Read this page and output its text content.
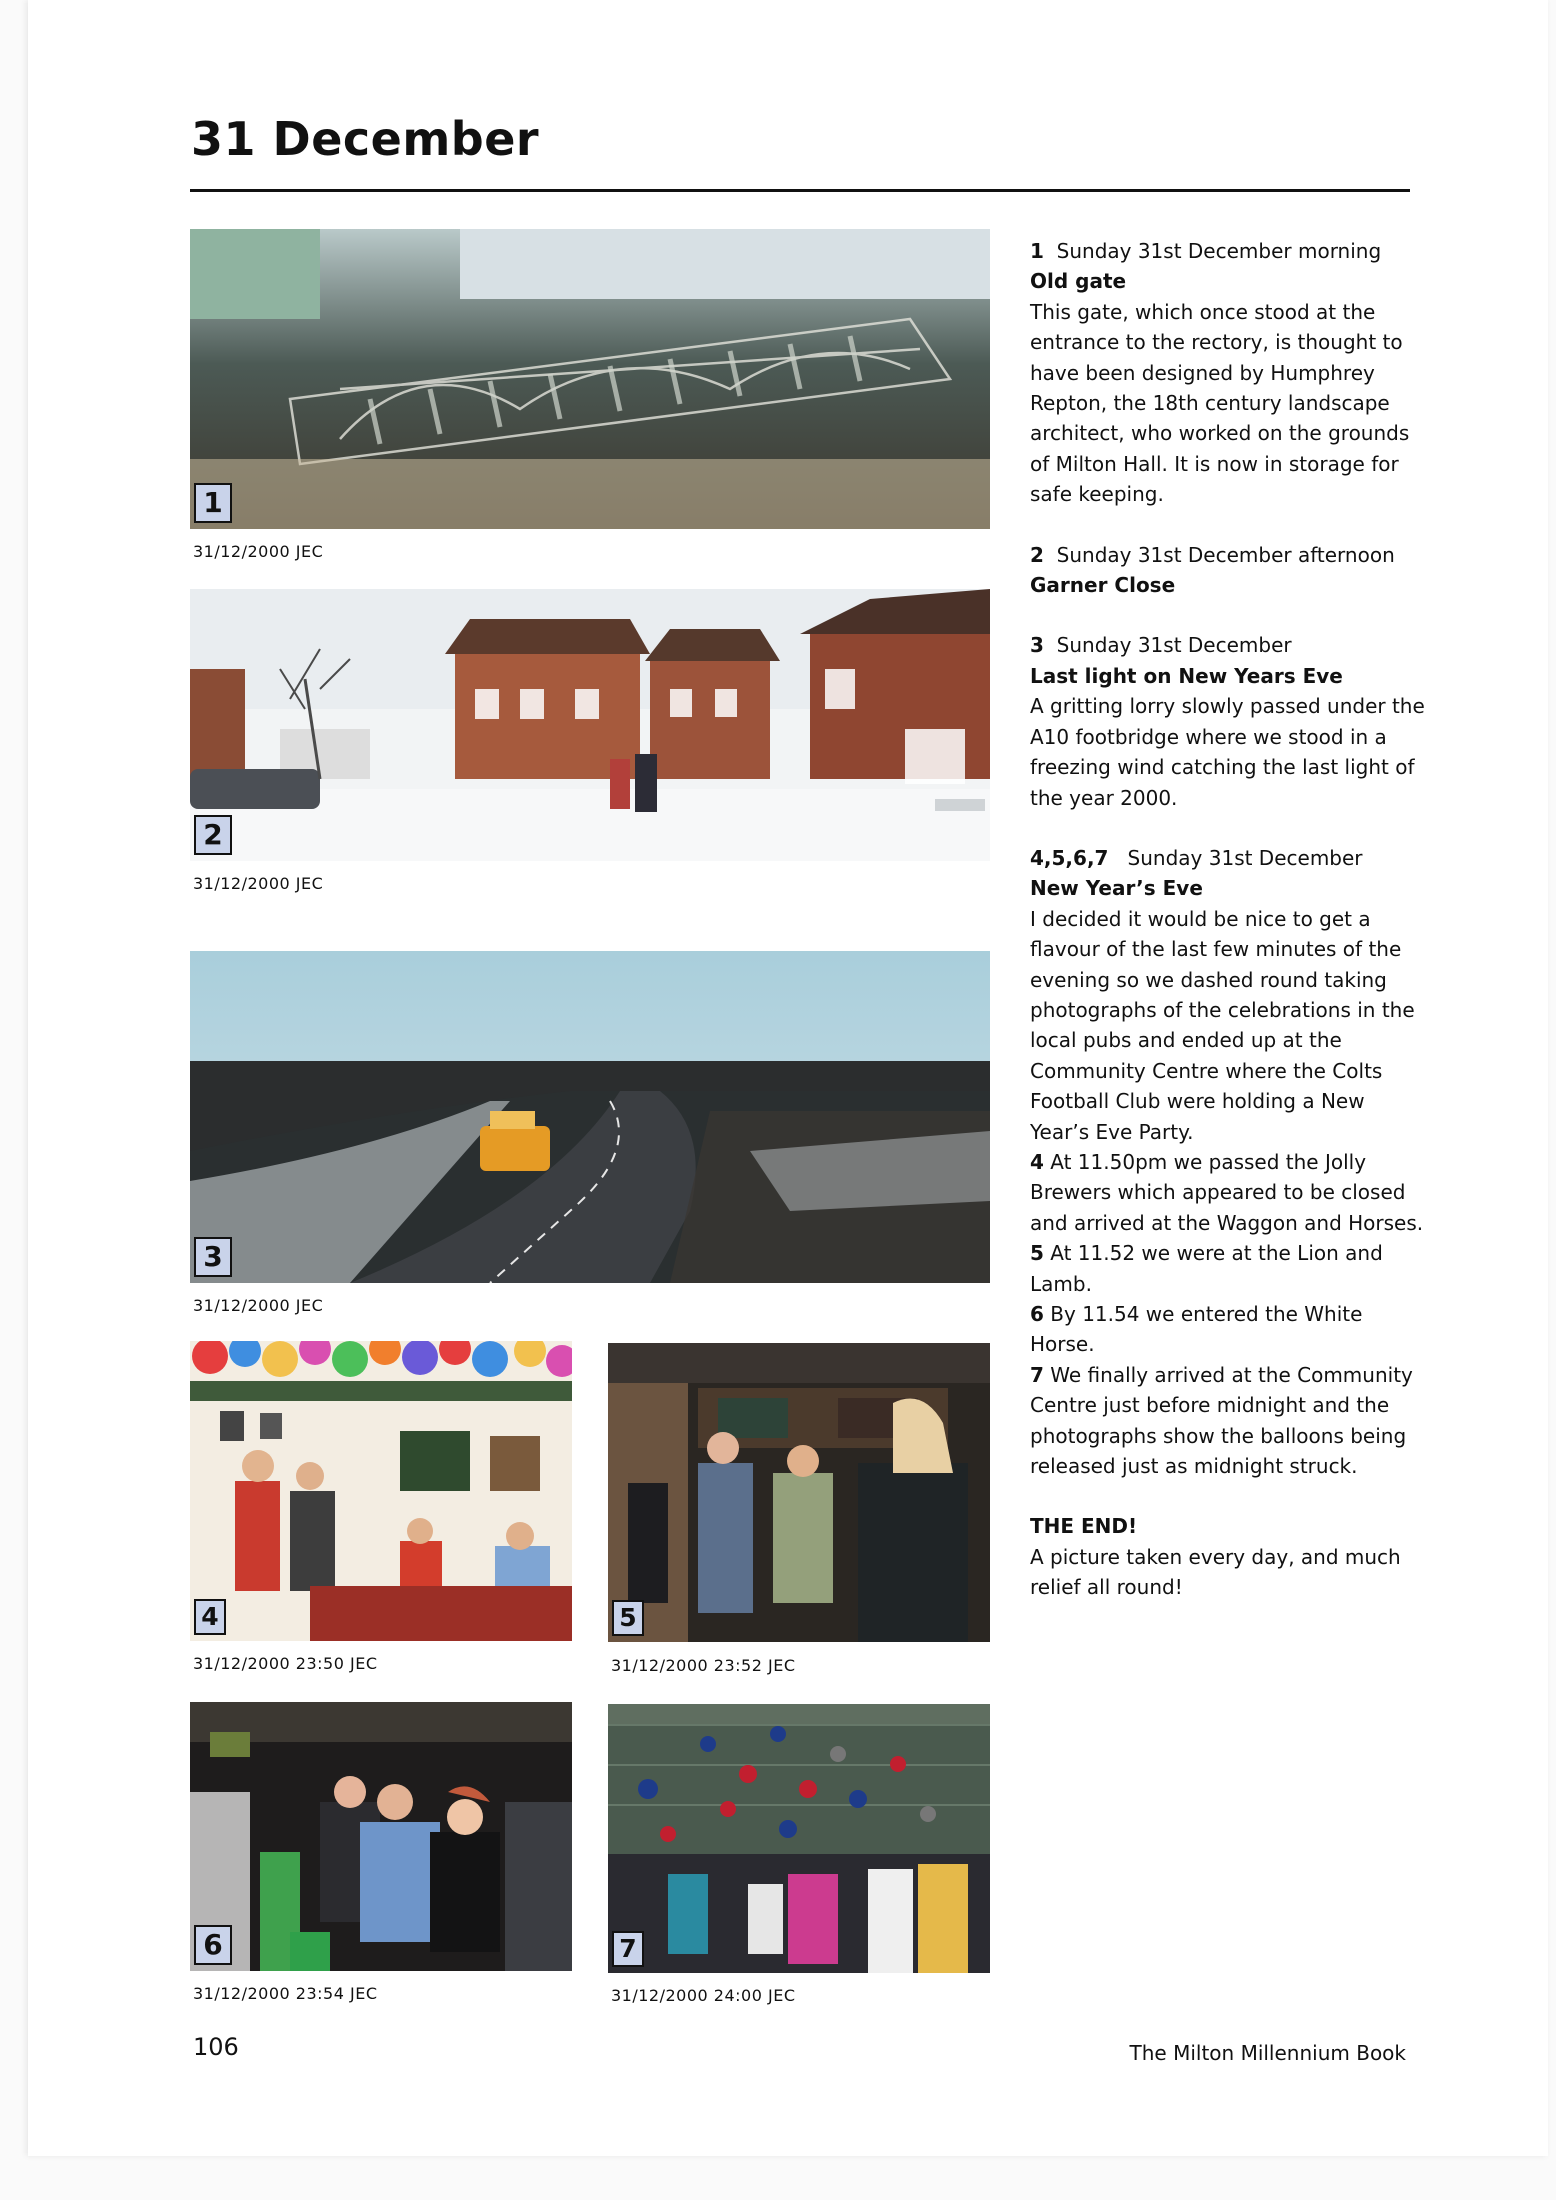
31 December
1
31/12/2000 JEC
2
31/12/2000 JEC
3
31/12/2000 JEC
4
31/12/2000 23:50 JEC
5
31/12/2000 23:52 JEC
6
31/12/2000 23:54 JEC
7
31/12/2000 24:00 JEC

1 Sunday 31st December morning

Old gate

This gate, which once stood at the entrance to the rectory, is thought to have been designed by Humphrey Repton, the 18th century landscape architect, who worked on the grounds of Milton Hall. It is now in storage for safe keeping.

2 Sunday 31st December afternoon

Garner Close

3 Sunday 31st December

Last light on New Years Eve

A gritting lorry slowly passed under the A10 footbridge where we stood in a freezing wind catching the last light of the year 2000.

4,5,6,7 Sunday 31st December

New Year’s Eve

I decided it would be nice to get a flavour of the last few minutes of the evening so we dashed round taking photographs of the celebrations in the local pubs and ended up at the Community Centre where the Colts Football Club were holding a New Year’s Eve Party.

4 At 11.50pm we passed the Jolly Brewers which appeared to be closed and arrived at the Waggon and Horses.

5 At 11.52 we were at the Lion and Lamb.

6 By 11.54 we entered the White Horse.

7 We finally arrived at the Community Centre just before midnight and the photographs show the balloons being released just as midnight struck.

THE END!

A picture taken every day, and much relief all round!

106	The Milton Millennium Book
